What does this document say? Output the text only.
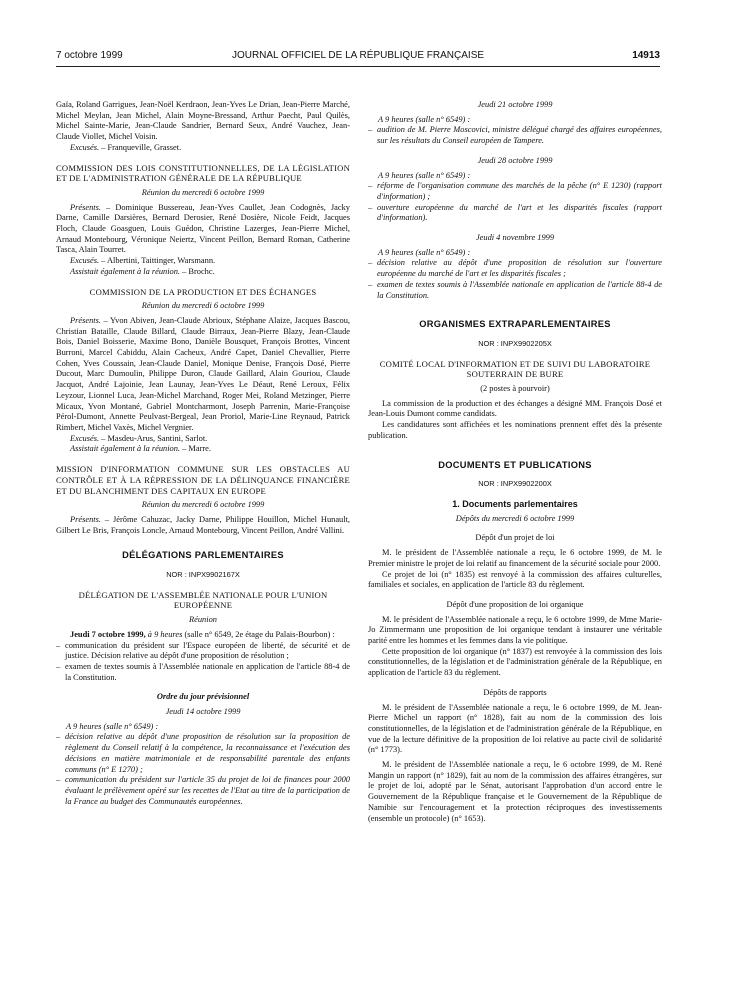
7 octobre 1999	JOURNAL OFFICIEL DE LA RÉPUBLIQUE FRANÇAISE	14913

Gaïa, Roland Garrigues, Jean-Noël Kerdraon, Jean-Yves Le Drian, Jean-Pierre Marché, Michel Meylan, Jean Michel, Alain Moyne-Bressand, Arthur Paecht, Paul Quilès, Michel Sainte-Marie, Jean-Claude Sandrier, Bernard Seux, André Vauchez, Jean-Claude Viollet, Michel Voisin.

Excusés. – Franqueville, Grasset.

COMMISSION DES LOIS CONSTITUTIONNELLES, DE LA LÉGISLATION ET DE L'ADMINISTRATION GÉNÉRALE DE LA RÉPUBLIQUE

Réunion du mercredi 6 octobre 1999

Présents. – Dominique Bussereau, Jean-Yves Caullet, Jean Codognès, Jacky Darne, Camille Darsières, Bernard Derosier, René Dosière, Nicole Feidt, Jacques Floch, Claude Goasguen, Louis Guédon, Christine Lazerges, Jean-Pierre Michel, Arnaud Montebourg, Véronique Neiertz, Vincent Peillon, Bernard Roman, Catherine Tasca, Alain Tourret.

Excusés. – Albertini, Taittinger, Warsmann.

Assistait également à la réunion. – Brochc.

COMMISSION DE LA PRODUCTION ET DES ÉCHANGES

Réunion du mercredi 6 octobre 1999

Présents. – Yvon Abiven, Jean-Claude Abrioux, Stéphane Alaize, Jacques Bascou, Christian Bataille, Claude Billard, Claude Birraux, Jean-Pierre Blazy, Jean-Claude Bois, Daniel Boisserie, Maxime Bono, Danièle Bousquet, François Brottes, Vincent Burroni, Marcel Cabiddu, Alain Cacheux, André Capet, Daniel Chevallier, Pierre Cohen, Yves Coussain, Jean-Claude Daniel, Monique Denise, François Dosé, Pierre Ducout, Marc Dumoulin, Philippe Duron, Claude Gaillard, Alain Gouriou, Claude Jacquot, André Lajoinie, Jean Launay, Jean-Yves Le Déaut, René Leroux, Félix Leyzour, Lionnel Luca, Jean-Michel Marchand, Roger Mei, Roland Metzinger, Pierre Micaux, Yvon Montané, Gabriel Montcharmont, Joseph Parrenin, Marie-Françoise Pérol-Dumont, Annette Peulvast-Bergeal, Jean Proriol, Marie-Line Reynaud, Patrick Rimbert, Michel Vaxès, Michel Vergnier.

Excusés. – Masdeu-Arus, Santini, Sarlot.

Assistait également à la réunion. – Marre.

MISSION D'INFORMATION COMMUNE SUR LES OBSTACLES AU CONTRÔLE ET À LA RÉPRESSION DE LA DÉLINQUANCE FINANCIÈRE ET DU BLANCHIMENT DES CAPITAUX EN EUROPE

Réunion du mercredi 6 octobre 1999

Présents. – Jérôme Cahuzac, Jacky Darne, Philippe Houillon, Michel Hunault, Gilbert Le Bris, François Loncle, Arnaud Montebourg, Vincent Peillon, André Vallini.

DÉLÉGATIONS PARLEMENTAIRES

NOR : INPX9902167X

DÉLÉGATION DE L'ASSEMBLÉE NATIONALE POUR L'UNION EUROPÉENNE

Réunion

Jeudi 7 octobre 1999, à 9 heures (salle n° 6549, 2e étage du Palais-Bourbon) :

– communication du président sur l'Espace européen de liberté, de sécurité et de justice. Décision relative au dépôt d'une proposition de résolution ;
– examen de textes soumis à l'Assemblée nationale en application de l'article 88-4 de la Constitution.

Ordre du jour prévisionnel

Jeudi 14 octobre 1999

A 9 heures (salle n° 6549) :

– décision relative au dépôt d'une proposition de résolution sur la proposition de règlement du Conseil relatif à la compétence, la reconnaissance et l'exécution des décisions en matière matrimoniale et de responsabilité parentale des enfants communs (n° E 1270) ;
– communication du président sur l'article 35 du projet de loi de finances pour 2000 évaluant le prélèvement opéré sur les recettes de l'Etat au titre de la participation de la France au budget des Communautés européennes.

Jeudi 21 octobre 1999

A 9 heures (salle n° 6549) :

– audition de M. Pierre Moscovici, ministre délégué chargé des affaires européennes, sur les résultats du Conseil européen de Tampere.

Jeudi 28 octobre 1999

A 9 heures (salle n° 6549) :

– réforme de l'organisation commune des marchés de la pêche (n° E 1230) (rapport d'information) ;
– ouverture européenne du marché de l'art et les disparités fiscales (rapport d'information).

Jeudi 4 novembre 1999

A 9 heures (salle n° 6549) :

– décision relative au dépôt d'une proposition de résolution sur l'ouverture européenne du marché de l'art et les disparités fiscales ;
– examen de textes soumis à l'Assemblée nationale en application de l'article 88-4 de la Constitution.

ORGANISMES EXTRAPARLEMENTAIRES

NOR : INPX9902205X

COMITÉ LOCAL D'INFORMATION ET DE SUIVI DU LABORATOIRE SOUTERRAIN DE BURE

(2 postes à pourvoir)

La commission de la production et des échanges a désigné MM. François Dosé et Jean-Louis Dumont comme candidats.

Les candidatures sont affichées et les nominations prennent effet dès la présente publication.

DOCUMENTS ET PUBLICATIONS

NOR : INPX9902200X

1. Documents parlementaires

Dépôts du mercredi 6 octobre 1999

Dépôt d'un projet de loi

M. le président de l'Assemblée nationale a reçu, le 6 octobre 1999, de M. le Premier ministre le projet de loi relatif au financement de la sécurité sociale pour 2000.

Ce projet de loi (n° 1835) est renvoyé à la commission des affaires culturelles, familiales et sociales, en application de l'article 83 du règlement.

Dépôt d'une proposition de loi organique

M. le président de l'Assemblée nationale a reçu, le 6 octobre 1999, de Mme Marie-Jo Zimmermann une proposition de loi organique tendant à instaurer une véritable parité entre les hommes et les femmes dans la vie politique.

Cette proposition de loi organique (n° 1837) est renvoyée à la commission des lois constitutionnelles, de la législation et de l'administration générale de la République, en application de l'article 83 du règlement.

Dépôts de rapports

M. le président de l'Assemblée nationale a reçu, le 6 octobre 1999, de M. Jean-Pierre Michel un rapport (n° 1828), fait au nom de la commission des lois constitutionnelles, de la législation et de l'administration générale de la République, en vue de la lecture définitive de la proposition de loi relative au pacte civil de solidarité (n° 1773).

M. le président de l'Assemblée nationale a reçu, le 6 octobre 1999, de M. René Mangin un rapport (n° 1829), fait au nom de la commission des affaires étrangères, sur le projet de loi, adopté par le Sénat, autorisant l'approbation d'un accord entre le Gouvernement de la République française et le Gouvernement de la République de Namibie sur l'encouragement et la protection réciproques des investissements (ensemble un protocole) (n° 1653).
